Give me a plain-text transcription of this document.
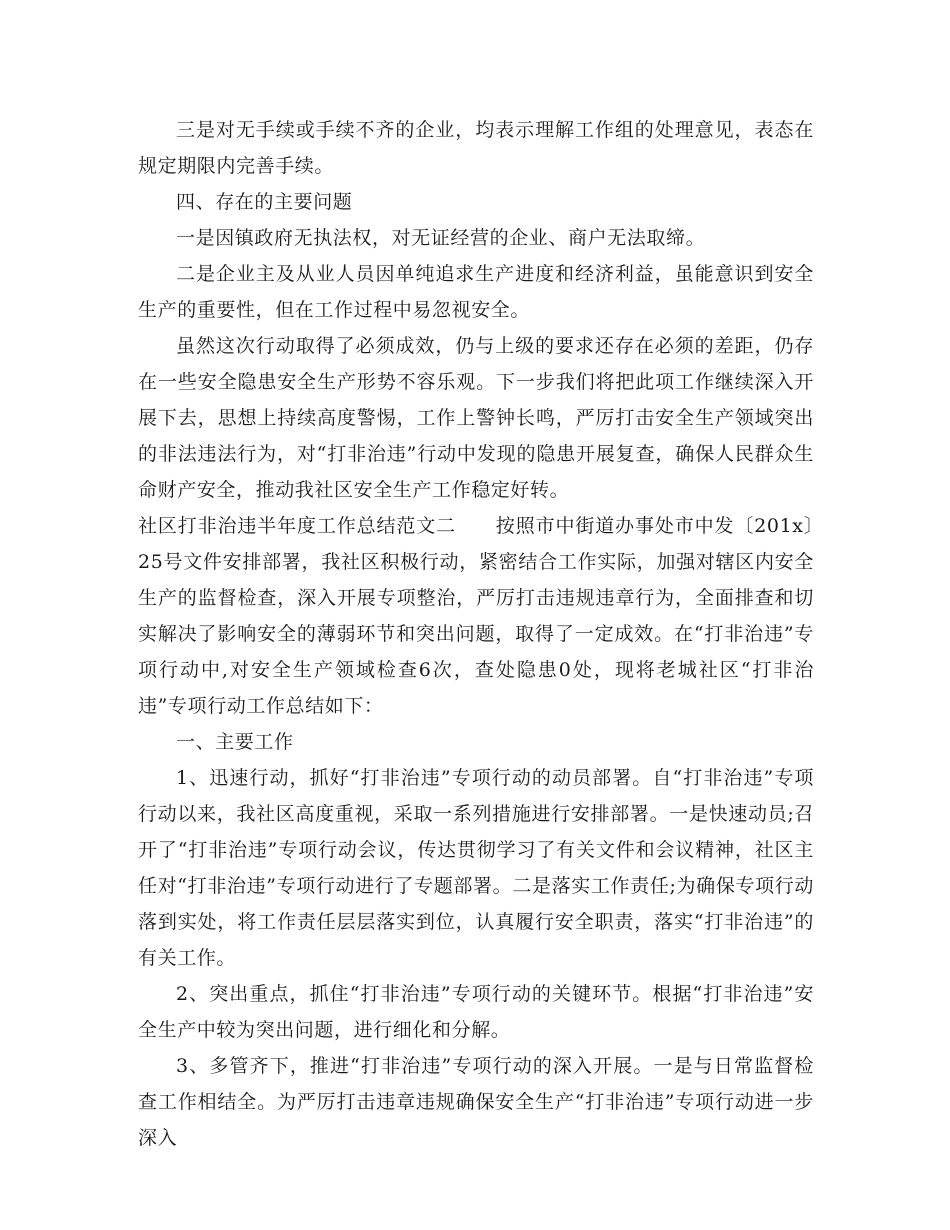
三是对无手续或手续不齐的企业，均表示理解工作组的处理意见，表态在规定期限内完善手续。

四、存在的主要问题

一是因镇政府无执法权，对无证经营的企业、商户无法取缔。

二是企业主及从业人员因单纯追求生产进度和经济利益，虽能意识到安全生产的重要性，但在工作过程中易忽视安全。

虽然这次行动取得了必须成效，仍与上级的要求还存在必须的差距，仍存在一些安全隐患安全生产形势不容乐观。下一步我们将把此项工作继续深入开展下去，思想上持续高度警惕，工作上警钟长鸣，严厉打击安全生产领域突出的非法违法行为，对“打非治违”行动中发现的隐患开展复查，确保人民群众生命财产安全，推动我社区安全生产工作稳定好转。

社区打非治违半年度工作总结范文二　　按照市中街道办事处市中发〔201x〕25号文件安排部署，我社区积极行动，紧密结合工作实际，加强对辖区内安全生产的监督检查，深入开展专项整治，严厉打击违规违章行为，全面排查和切实解决了影响安全的薄弱环节和突出问题，取得了一定成效。在“打非治违”专项行动中,对安全生产领域检查6次，查处隐患0处，现将老城社区“打非治违”专项行动工作总结如下：

一、主要工作

1、迅速行动，抓好“打非治违”专项行动的动员部署。自“打非治违”专项行动以来，我社区高度重视，采取一系列措施进行安排部署。一是快速动员;召开了“打非治违”专项行动会议，传达贯彻学习了有关文件和会议精神，社区主任对“打非治违”专项行动进行了专题部署。二是落实工作责任;为确保专项行动落到实处，将工作责任层层落实到位，认真履行安全职责，落实“打非治违”的有关工作。

2、突出重点，抓住“打非治违”专项行动的关键环节。根据“打非治违”安全生产中较为突出问题，进行细化和分解。

3、多管齐下，推进“打非治违”专项行动的深入开展。一是与日常监督检查工作相结全。为严厉打击违章违规确保安全生产“打非治违”专项行动进一步深入
